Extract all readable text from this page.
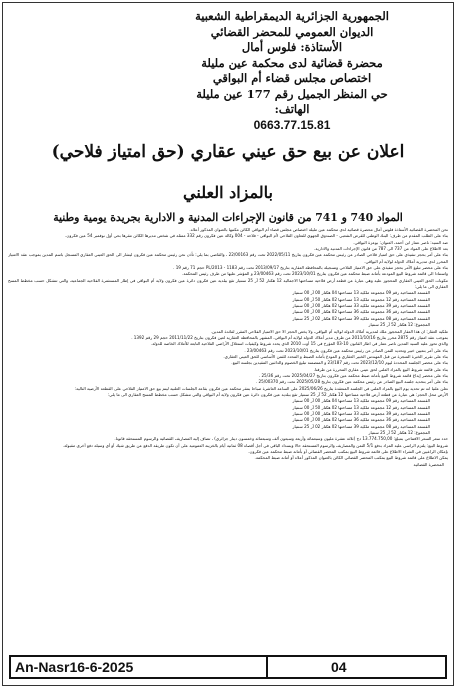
الجمهورية الجزائرية الديمقراطية الشعبية
الديوان العمومي للمحضر القضائي
الأستاذة: فلوس أمال
محضرة قضائية لدى محكمة عين مليلة
اختصاص مجلس قضاء أم البواقي
حي المنظر الجميل رقم 177 عين مليلة
الهاتف:
0663.77.15.81
اعلان عن بيع حق عيني عقاري (حق امتياز فلاحي)
بالمزاد العلني
المواد 740 و 741 من قانون الإجراءات المدنية و الادارية بجريدة يومية وطنية

نحن المحضرة القضائية الأستاذة فلوس أمال محضرة قضائية لدى محكمة عين مليلة اختصاص مجلس قضاء أم البواقي الكائن مكتبها بالعنوان المذكور أعلاه.

بناء على الطلب المقدم من طرف: البنك الوطني للقرض الشعبي - الصندوق الجهوي للتعاون الفلاحي لأم البواقي - فلاحة - 004 وكالة عين فكرون رقم 332 ممثلة في شخص مديرها الكائن مقرها بحي أول نوفمبر 54 عين فكرون.

ضد السيد: ناصر عمار ابن أحمد، العنوان: بوعزة البواقي.

بعد الاطلاع على المواد من 737 الى 787 من قانون الإجراءات المدنية والادارية.

بناء على أمر بحجز تنفيذي على حق امتياز فلاحي الصادر عن رئيس محكمة عين فكرون بتاريخ 2022/05/11 تحت رقم 22/00163 ، والقاضي بما يلي: تأذن نحن رئيس محكمة عين فكرون ليشار الى الحق العيني العقاري المسجل باسم المدين بموجب عقد الامتياز المحرر لدى مديرية أملاك الدولة لولاية أم البواقي.

بناء على محضر تبليغ الأمر بحجز تنفيذي على حق الامتياز الفلاحي وتسجيله بالمحافظة العقارية بتاريخ 2013/09/17 تحت رقم 1183 - PL/2013 حجم 71 رقم 19 .

واستنادا الى قائمة شروط البيع المودعة بأمانة ضبط محكمة عين فكرون بتاريخ 2023/10/01 تحت رقم 23/00463 و المؤشر عليها من طرف رئيس المحكمة.

مكونات الحق العيني العقاري المحجوز عليه وهي عبارة عن قطعة أرض فلاحية مساحتها الاجمالية 12 هكتار 52 آر 25 سنتيار تقع ببلدية عين فكرون دائرة عين فكرون ولاية أم البواقي في إطار المستثمرة الفلاحية الجماعية، والتي تتشكل حسب مخطط المسح العقاري الى ما يلي:

القسمة المساحية رقم 09 مجموعة ملكية 13 مساحتها 04 هكتار 00 آر 00 سنتيار

القسمة المساحية رقم 12 مجموعة ملكية 13 مساحتها 02 هكتار 50 آر 00 سنتيار

القسمة المساحية رقم 39 مجموعة ملكية 33 مساحتها 02 هكتار 00 آر 00 سنتيار

القسمة المساحية رقم 36 مجموعة ملكية 36 مساحتها 02 هكتار 00 آر 00 سنتيار

القسمة المساحية رقم 08 مجموعة ملكية 39 مساحتها 02 هكتار 02 آر 25 سنتيار

المجموع: 12 هكتار 52 آر 25 سنتيار

ملكية العقار: ان هذا العقار المحجوز ملك لمديرية أملاك الدولة لولاية أم البواقي، ولا يخص الحجز الا حق الامتياز الفلاحي المقرر لفائدة المدين.

بموجب عقد امتياز رقم 2875 محرر بتاريخ 2011/10/16 من طرف مدير أملاك الدولة لولاية أم البواقي، المشهر بالمحافظة العقارية لعين فكرون بتاريخ 2011/11/22 حجم 29 رقم 1392 .

والذي تحوز عليه السيد المدين ناصر عمار في اطار القانون 10-03 المؤرخ في 15 أوت 2010 الذي يحدد شروط وكيفيات استغلال الأراضي الفلاحية التابعة للأملاك الخاصة للدولة.

بناء على أمر بتعيين خبير وتحديد الثمن الصادر عن رئيس محكمة عين فكرون بتاريخ 2023/10/01 تحت رقم 23/00463 .

بناء على تقرير الخبرة المنجزة من قبل المهندس الخبير العقاري و المودع بأمانة الضبط و المحدد للثمن الأساسي للحق العيني العقاري.

بناء على محضر الجلسة المحددة ليوم 2023/12/10 تحت رقم 23/187 و المتضمنة تبليغ الخصوم والدائنين المقيدين بجلسة البيع.

بناء على قائمة شروط البيع بالمزاد العلني لحق عيني عقاري المحررة من طرفنا.

بناء على محضر إيداع قائمة شروط البيع بأمانة ضبط محكمة عين فكرون بتاريخ 2025/04/27 تحت رقم 25/36 .

بناء على أمر بتحديد جلسة البيع الصادر عن رئيس محكمة عين فكرون بتاريخ 2025/05/28 تحت رقم 25/00370 .

نعلن علنيا انه تم تحديد يوم البيع بالمزاد العلني في الجلسة المنعقدة بتاريخ 2025/06/26 على الساعة العاشرة صباحا بمقر محكمة عين فكرون بقاعة الجلسات العلنية ليتم بيع حق الامتياز الفلاحي على القطعة الأرضية التالية:

الأرض محل الحجز: هي عبارة عن قطعة أرض فلاحية مساحتها 12 هكتار 52 آر 25 سنتيار تقع ببلدية عين فكرون دائرة عين فكرون ولاية أم البواقي والتي تتشكل حسب مخطط المسح العقاري الى ما يلي:

القسمة المساحية رقم 09 مجموعة ملكية 13 مساحتها 04 هكتار 00 آر 00 سنتيار

القسمة المساحية رقم 12 مجموعة ملكية 13 مساحتها 02 هكتار 50 آر 00 سنتيار

القسمة المساحية رقم 39 مجموعة ملكية 33 مساحتها 02 هكتار 00 آر 00 سنتيار

القسمة المساحية رقم 36 مجموعة ملكية 36 مساحتها 02 هكتار 00 آر 00 سنتيار

القسمة المساحية رقم 08 مجموعة ملكية 39 مساحتها 02 هكتار 02 آر 25 سنتيار

المجموع: 12 هكتار 52 آر 25 سنتيار

حدد سعر السعر الافتتاحي بمبلغ: 13.774.750,00 دج (ثلاثة عشرة مليون وسبعمائة وأربعة وسبعون ألف وسبعمائة وخمسون دينار جزائري) ، تضاف إليه المصاريف القضائية والرسوم المستحقة قانونا.

شروط البيع: يلتزم الراسي عليه المزاد بدفع 5/1 الثمن والمصاريف والرسوم المستحقة حالا وبسداد الباقي في أجل أقصاه 08 ثمانية أيام بالخزينة العمومية على أن تكون طريقة الدفع عن طريق شيك أو أي وسيلة دفع أخرى مقبولة.

بإمكان الراغبين في الشراء الاطلاع على قائمة شروط البيع بمكتب المحضر القضائي أو بأمانة ضبط محكمة عين فكرون.

يمكن الاطلاع على قائمة شروط البيع بمكتب المحضر القضائي الكائن بالعنوان المذكور أعلاه أو أمانة ضبط المحكمة.

المحضرة القضائية

An-Nasr16-6-2025	04
